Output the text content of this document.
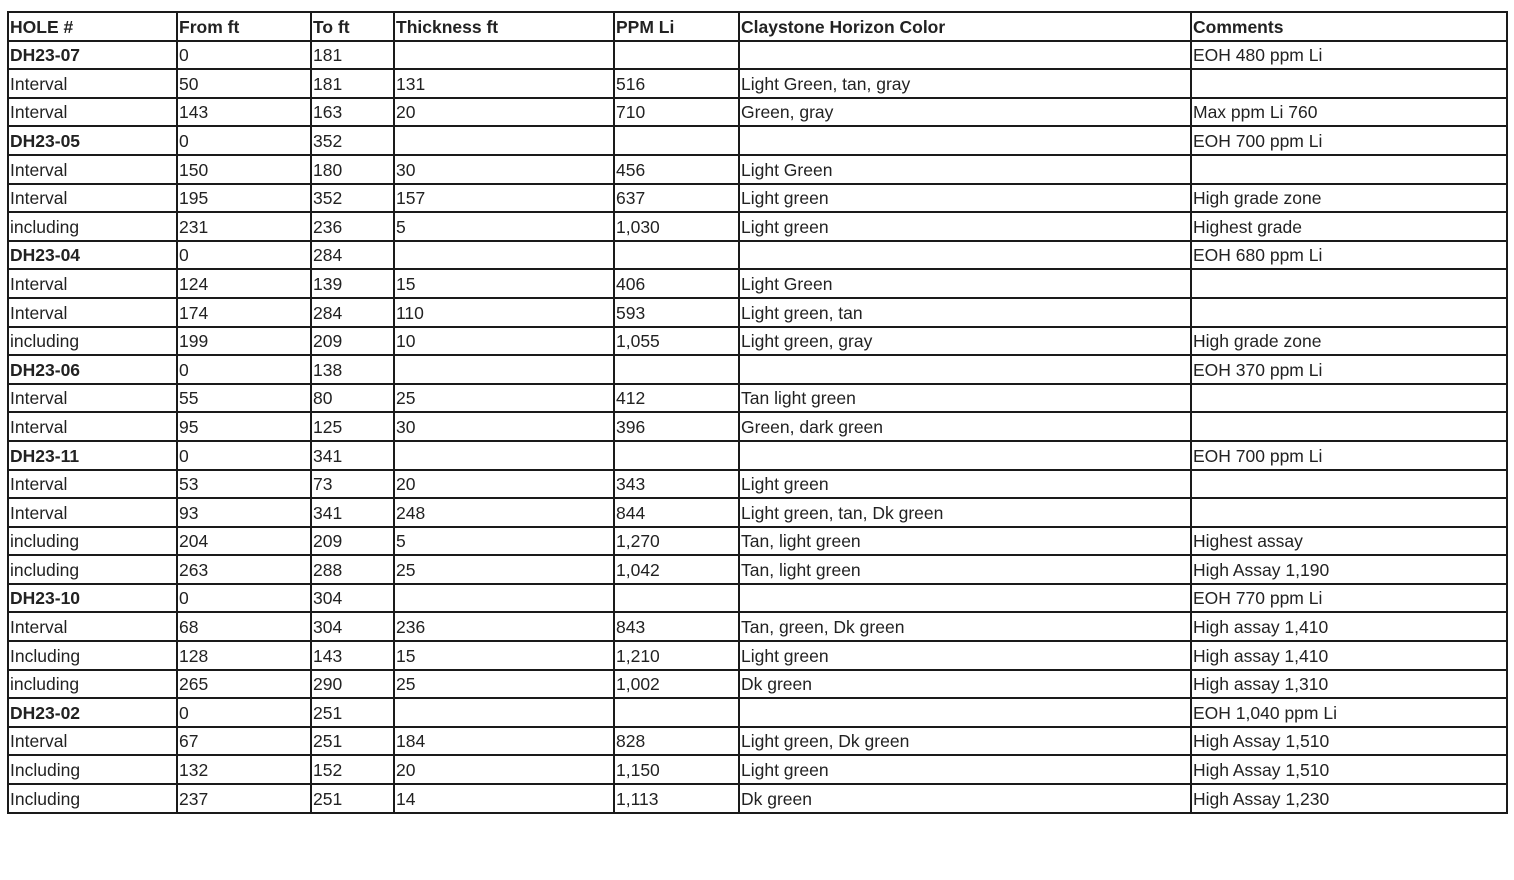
HOLE #	From ft	To ft	Thickness ft	PPM Li	Claystone Horizon Color	Comments
DH23-07	0	181				EOH 480 ppm Li
Interval	50	181	131	516	Light Green, tan, gray	
Interval	143	163	20	710	Green, gray	Max ppm Li 760
DH23-05	0	352				EOH 700 ppm Li
Interval	150	180	30	456	Light Green	
Interval	195	352	157	637	Light green	High grade zone
including	231	236	5	1,030	Light green	Highest grade
DH23-04	0	284				EOH 680 ppm Li
Interval	124	139	15	406	Light Green	
Interval	174	284	110	593	Light green, tan	
including	199	209	10	1,055	Light green, gray	High grade zone
DH23-06	0	138				EOH 370 ppm Li
Interval	55	80	25	412	Tan light green	
Interval	95	125	30	396	Green, dark green	
DH23-11	0	341				EOH 700 ppm Li
Interval	53	73	20	343	Light green	
Interval	93	341	248	844	Light green, tan, Dk green	
including	204	209	5	1,270	Tan, light green	Highest assay
including	263	288	25	1,042	Tan, light green	High Assay 1,190
DH23-10	0	304				EOH 770 ppm Li
Interval	68	304	236	843	Tan, green, Dk green	High assay 1,410
Including	128	143	15	1,210	Light green	High assay 1,410
including	265	290	25	1,002	Dk green	High assay 1,310
DH23-02	0	251				EOH 1,040 ppm Li
Interval	67	251	184	828	Light green, Dk green	High Assay 1,510
Including	132	152	20	1,150	Light green	High Assay 1,510
Including	237	251	14	1,113	Dk green	High Assay 1,230
